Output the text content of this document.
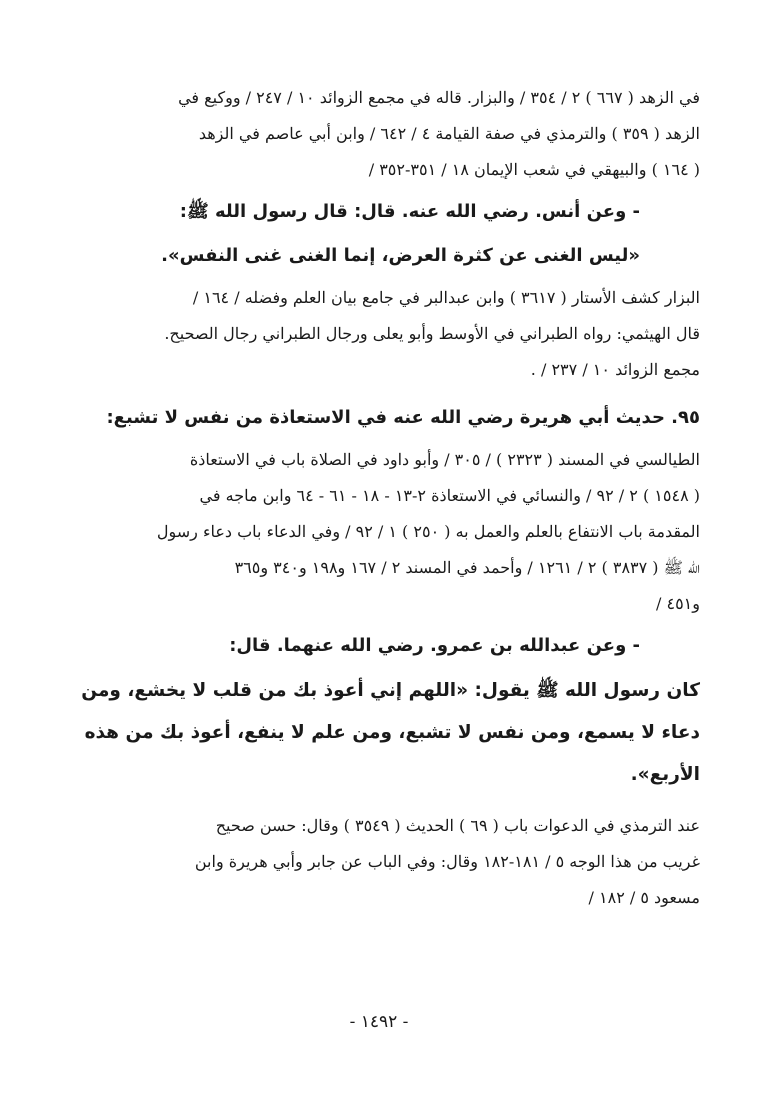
في الزهد ( ٦٦٧ ) ٢ / ٣٥٤ / والبزار. قاله في مجمع الزوائد ١٠ / ٢٤٧ / ووكيع في
الزهد ( ٣٥٩ ) والترمذي في صفة القيامة ٤ / ٦٤٢ / وابن أبي عاصم في الزهد
( ١٦٤ ) والبيهقي في شعب الإيمان ١٨ / ٣٥١-٣٥٢ /
- وعن أنس. رضي الله عنه. قال: قال رسول الله ﷺ:
«ليس الغنى عن كثرة العرض، إنما الغنى غنى النفس».
البزار كشف الأستار ( ٣٦١٧ ) وابن عبدالبر في جامع بيان العلم وفضله / ١٦٤ /
قال الهيثمي: رواه الطبراني في الأوسط وأبو يعلى ورجال الطبراني رجال الصحيح.
مجمع الزوائد ١٠ / ٢٣٧ / .
٩٥. حديث أبي هريرة رضي الله عنه في الاستعاذة من نفس لا تشبع:
الطيالسي في المسند ( ٢٣٢٣ ) / ٣٠٥ / وأبو داود في الصلاة باب في الاستعاذة
( ١٥٤٨ ) ٢ / ٩٢ / والنسائي في الاستعاذة ٢-١٣ - ١٨ - ٦١ - ٦٤ وابن ماجه في
المقدمة باب الانتفاع بالعلم والعمل به ( ٢٥٠ ) ١ / ٩٢ / وفي الدعاء باب دعاء رسول
الله ﷺ ( ٣٨٣٧ ) ٢ / ١٢٦١ / وأحمد في المسند ٢ / ١٦٧ و١٩٨ و٣٤٠ و٣٦٥
و٤٥١ /
- وعن عبدالله بن عمرو. رضي الله عنهما. قال:
كان رسول الله ﷺ يقول: «اللهم إني أعوذ بك من قلب لا يخشع، ومن
دعاء لا يسمع، ومن نفس لا تشبع، ومن علم لا ينفع، أعوذ بك من هذه
الأربع».
عند الترمذي في الدعوات باب ( ٦٩ ) الحديث ( ٣٥٤٩ ) وقال: حسن صحيح
غريب من هذا الوجه ٥ / ١٨١-١٨٢ وقال: وفي الباب عن جابر وأبي هريرة وابن
مسعود ٥ / ١٨٢ /
- ١٤٩٢ -
